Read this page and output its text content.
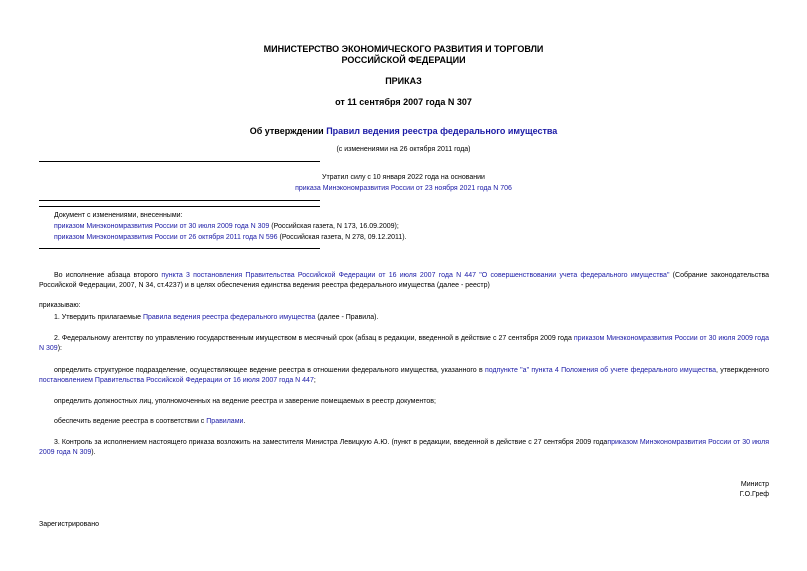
МИНИСТЕРСТВО ЭКОНОМИЧЕСКОГО РАЗВИТИЯ И ТОРГОВЛИ
РОССИЙСКОЙ ФЕДЕРАЦИИ
ПРИКАЗ
от 11 сентября 2007 года N 307
Об утверждении Правил ведения реестра федерального имущества
(с изменениями на 26 октября 2011 года)
Утратил силу с 10 января 2022 года на основании
приказа Минэкономразвития России от 23 ноября 2021 года N 706
Документ с изменениями, внесенными:
приказом Минэкономразвития России от 30 июля 2009 года N 309 (Российская газета, N 173, 16.09.2009);
приказом Минэкономразвития России от 26 октября 2011 года N 596 (Российская газета, N 278, 09.12.2011).
Во исполнение абзаца второго пункта 3 постановления Правительства Российской Федерации от 16 июля 2007 года N 447 "О совершенствовании учета федерального имущества" (Собрание законодательства Российской Федерации, 2007, N 34, ст.4237) и в целях обеспечения единства ведения реестра федерального имущества (далее - реестр)
приказываю:
1. Утвердить прилагаемые Правила ведения реестра федерального имущества (далее - Правила).
2. Федеральному агентству по управлению государственным имуществом в месячный срок (абзац в редакции, введенной в действие с 27 сентября 2009 года приказом Минэкономразвития России от 30 июля 2009 года N 309):
определить структурное подразделение, осуществляющее ведение реестра в отношении федерального имущества, указанного в подпункте "а" пункта 4 Положения об учете федерального имущества, утвержденного постановлением Правительства Российской Федерации от 16 июля 2007 года N 447;
определить должностных лиц, уполномоченных на ведение реестра и заверение помещаемых в реестр документов;
обеспечить ведение реестра в соответствии с Правилами.
3. Контроль за исполнением настоящего приказа возложить на заместителя Министра Левицкую А.Ю. (пункт в редакции, введенной в действие с 27 сентября 2009 годаприказом Минэкономразвития России от 30 июля 2009 года N 309).
Министр
Г.О.Греф
Зарегистрировано
